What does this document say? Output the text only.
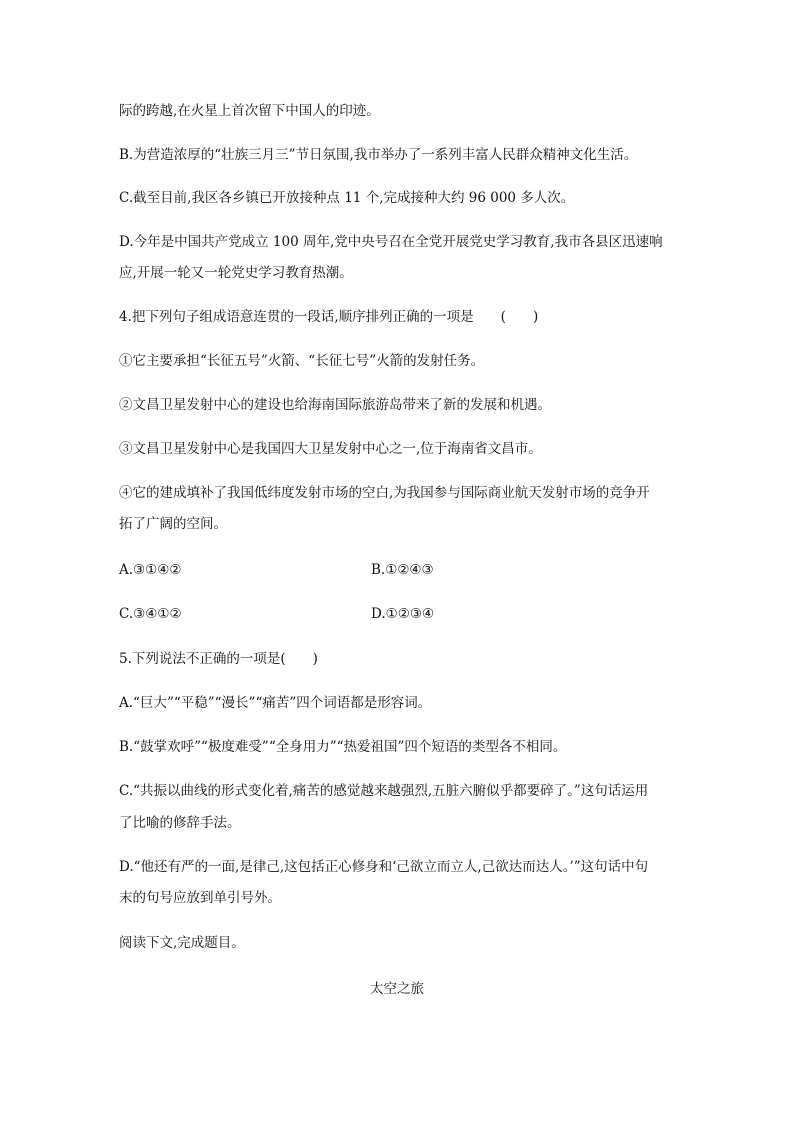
际的跨越,在火星上首次留下中国人的印迹。
B.为营造浓厚的“壮族三月三”节日氛围,我市举办了一系列丰富人民群众精神文化生活。
C.截至目前,我区各乡镇已开放接种点 11 个,完成接种大约 96 000 多人次。
D.今年是中国共产党成立 100 周年,党中央号召在全党开展党史学习教育,我市各县区迅速响
应,开展一轮又一轮党史学习教育热潮。
4.把下列句子组成语意连贯的一段话,顺序排列正确的一项是　　(　　)
①它主要承担“长征五号”火箭、“长征七号”火箭的发射任务。
②文昌卫星发射中心的建设也给海南国际旅游岛带来了新的发展和机遇。
③文昌卫星发射中心是我国四大卫星发射中心之一,位于海南省文昌市。
④它的建成填补了我国低纬度发射市场的空白,为我国参与国际商业航天发射市场的竞争开
拓了广阔的空间。
A.③①④②	B.①②④③
C.③④①②	D.①②③④
5.下列说法不正确的一项是(　　)
A.“巨大”“平稳”“漫长”“痛苦”四个词语都是形容词。
B.“鼓掌欢呼”“极度难受”“全身用力”“热爱祖国”四个短语的类型各不相同。
C.“共振以曲线的形式变化着,痛苦的感觉越来越强烈,五脏六腑似乎都要碎了。”这句话运用
了比喻的修辞手法。
D.“他还有严的一面,是律己,这包括正心修身和‘己欲立而立人,己欲达而达人。’”这句话中句
末的句号应放到单引号外。
阅读下文,完成题目。
太空之旅
